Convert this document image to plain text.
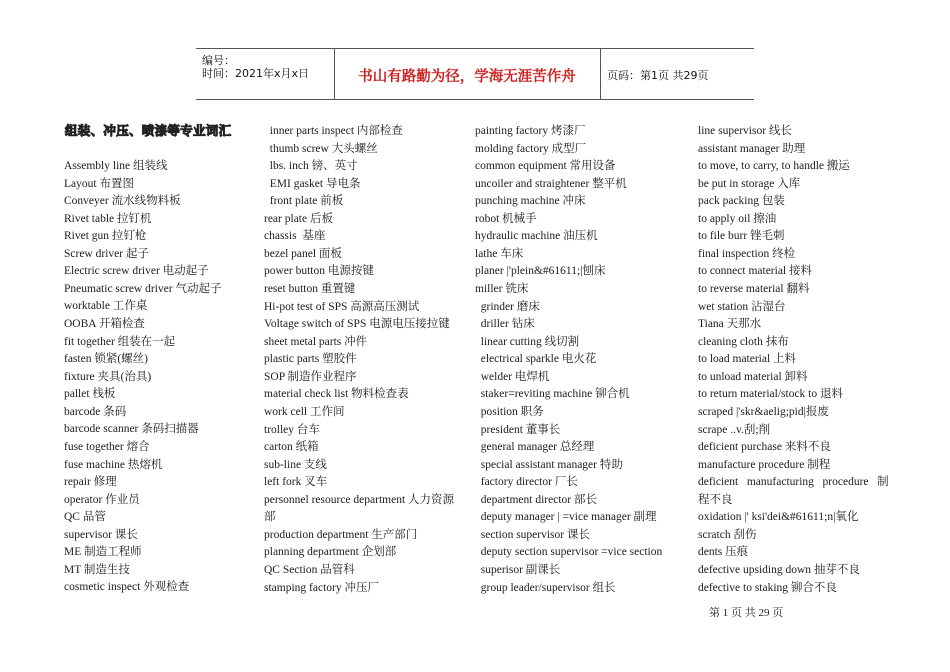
编号：
时间：2021年x月x日	书山有路勤为径，学海无涯苦作舟	页码：第1页 共29页
组装、冲压、喷漆等专业词汇
Assembly line 组装线
Layout 布置图
Conveyer 流水线物料板
Rivet table 拉钉机
Rivet gun 拉钉枪
Screw driver 起子
Electric screw driver 电动起子
Pneumatic screw driver 气动起子
worktable 工作桌
OOBA 开箱检查
fit together 组装在一起
fasten 锁紧(螺丝)
fixture 夹具(治具)
pallet 栈板
barcode 条码
barcode scanner 条码扫描器
fuse together 熔合
fuse machine 热熔机
repair 修理
operator 作业员
QC 品管
supervisor 课长
ME 制造工程师
MT 制造生技
cosmetic inspect 外观检查
inner parts inspect 内部检查
thumb screw 大头螺丝
lbs. inch 镑、英寸
EMI gasket 导电条
front plate 前板
rear plate 后板
chassis  基座
bezel panel 面板
power button 电源按键
reset button 重置键
Hi-pot test of SPS 高源高压测试
Voltage switch of SPS 电源电压接拉键
sheet metal parts 冲件
plastic parts 塑胶件
SOP 制造作业程序
material check list 物料检查表
work cell 工作间
trolley 台车
carton 纸箱
sub-line 支线
left fork 叉车
personnel resource department 人力资源
部
production department 生产部门
planning department 企划部
QC Section 品管科
stamping factory 冲压厂
painting factory 烤漆厂
molding factory 成型厂
common equipment 常用设备
uncoiler and straightener 整平机
punching machine 冲床
robot 机械手
hydraulic machine 油压机
lathe 车床
planer |'plein&#61611;|刨床
miller 铣床
grinder 磨床
driller 钻床
linear cutting 线切割
electrical sparkle 电火花
welder 电焊机
staker=reviting machine 铆合机
position 职务
president 董事长
general manager 总经理
special assistant manager 特助
factory director 厂长
department director 部长
deputy manager | =vice manager 副理
section supervisor 课长
deputy section supervisor =vice section
superisor 副课长
group leader/supervisor 组长
line supervisor 线长
assistant manager 助理
to move, to carry, to handle 搬运
be put in storage 入库
pack packing 包装
to apply oil 擦油
to file burr 锉毛刺
final inspection 终检
to connect material 接料
to reverse material 翻料
wet station 沾湿台
Tiana 天那水
cleaning cloth 抹布
to load material 上料
to unload material 卸料
to return material/stock to 退料
scraped |'skr&aelig;pid|报废
scrape ..v.刮;削
deficient purchase 来料不良
manufacture procedure 制程
deficient   manufacturing   procedure   制
程不良
oxidation |' ksi'dei&#61611;n|氧化
scratch 刮伤
dents 压痕
defective upsiding down 抽芽不良
defective to staking 铆合不良
第 1 页 共 29 页
